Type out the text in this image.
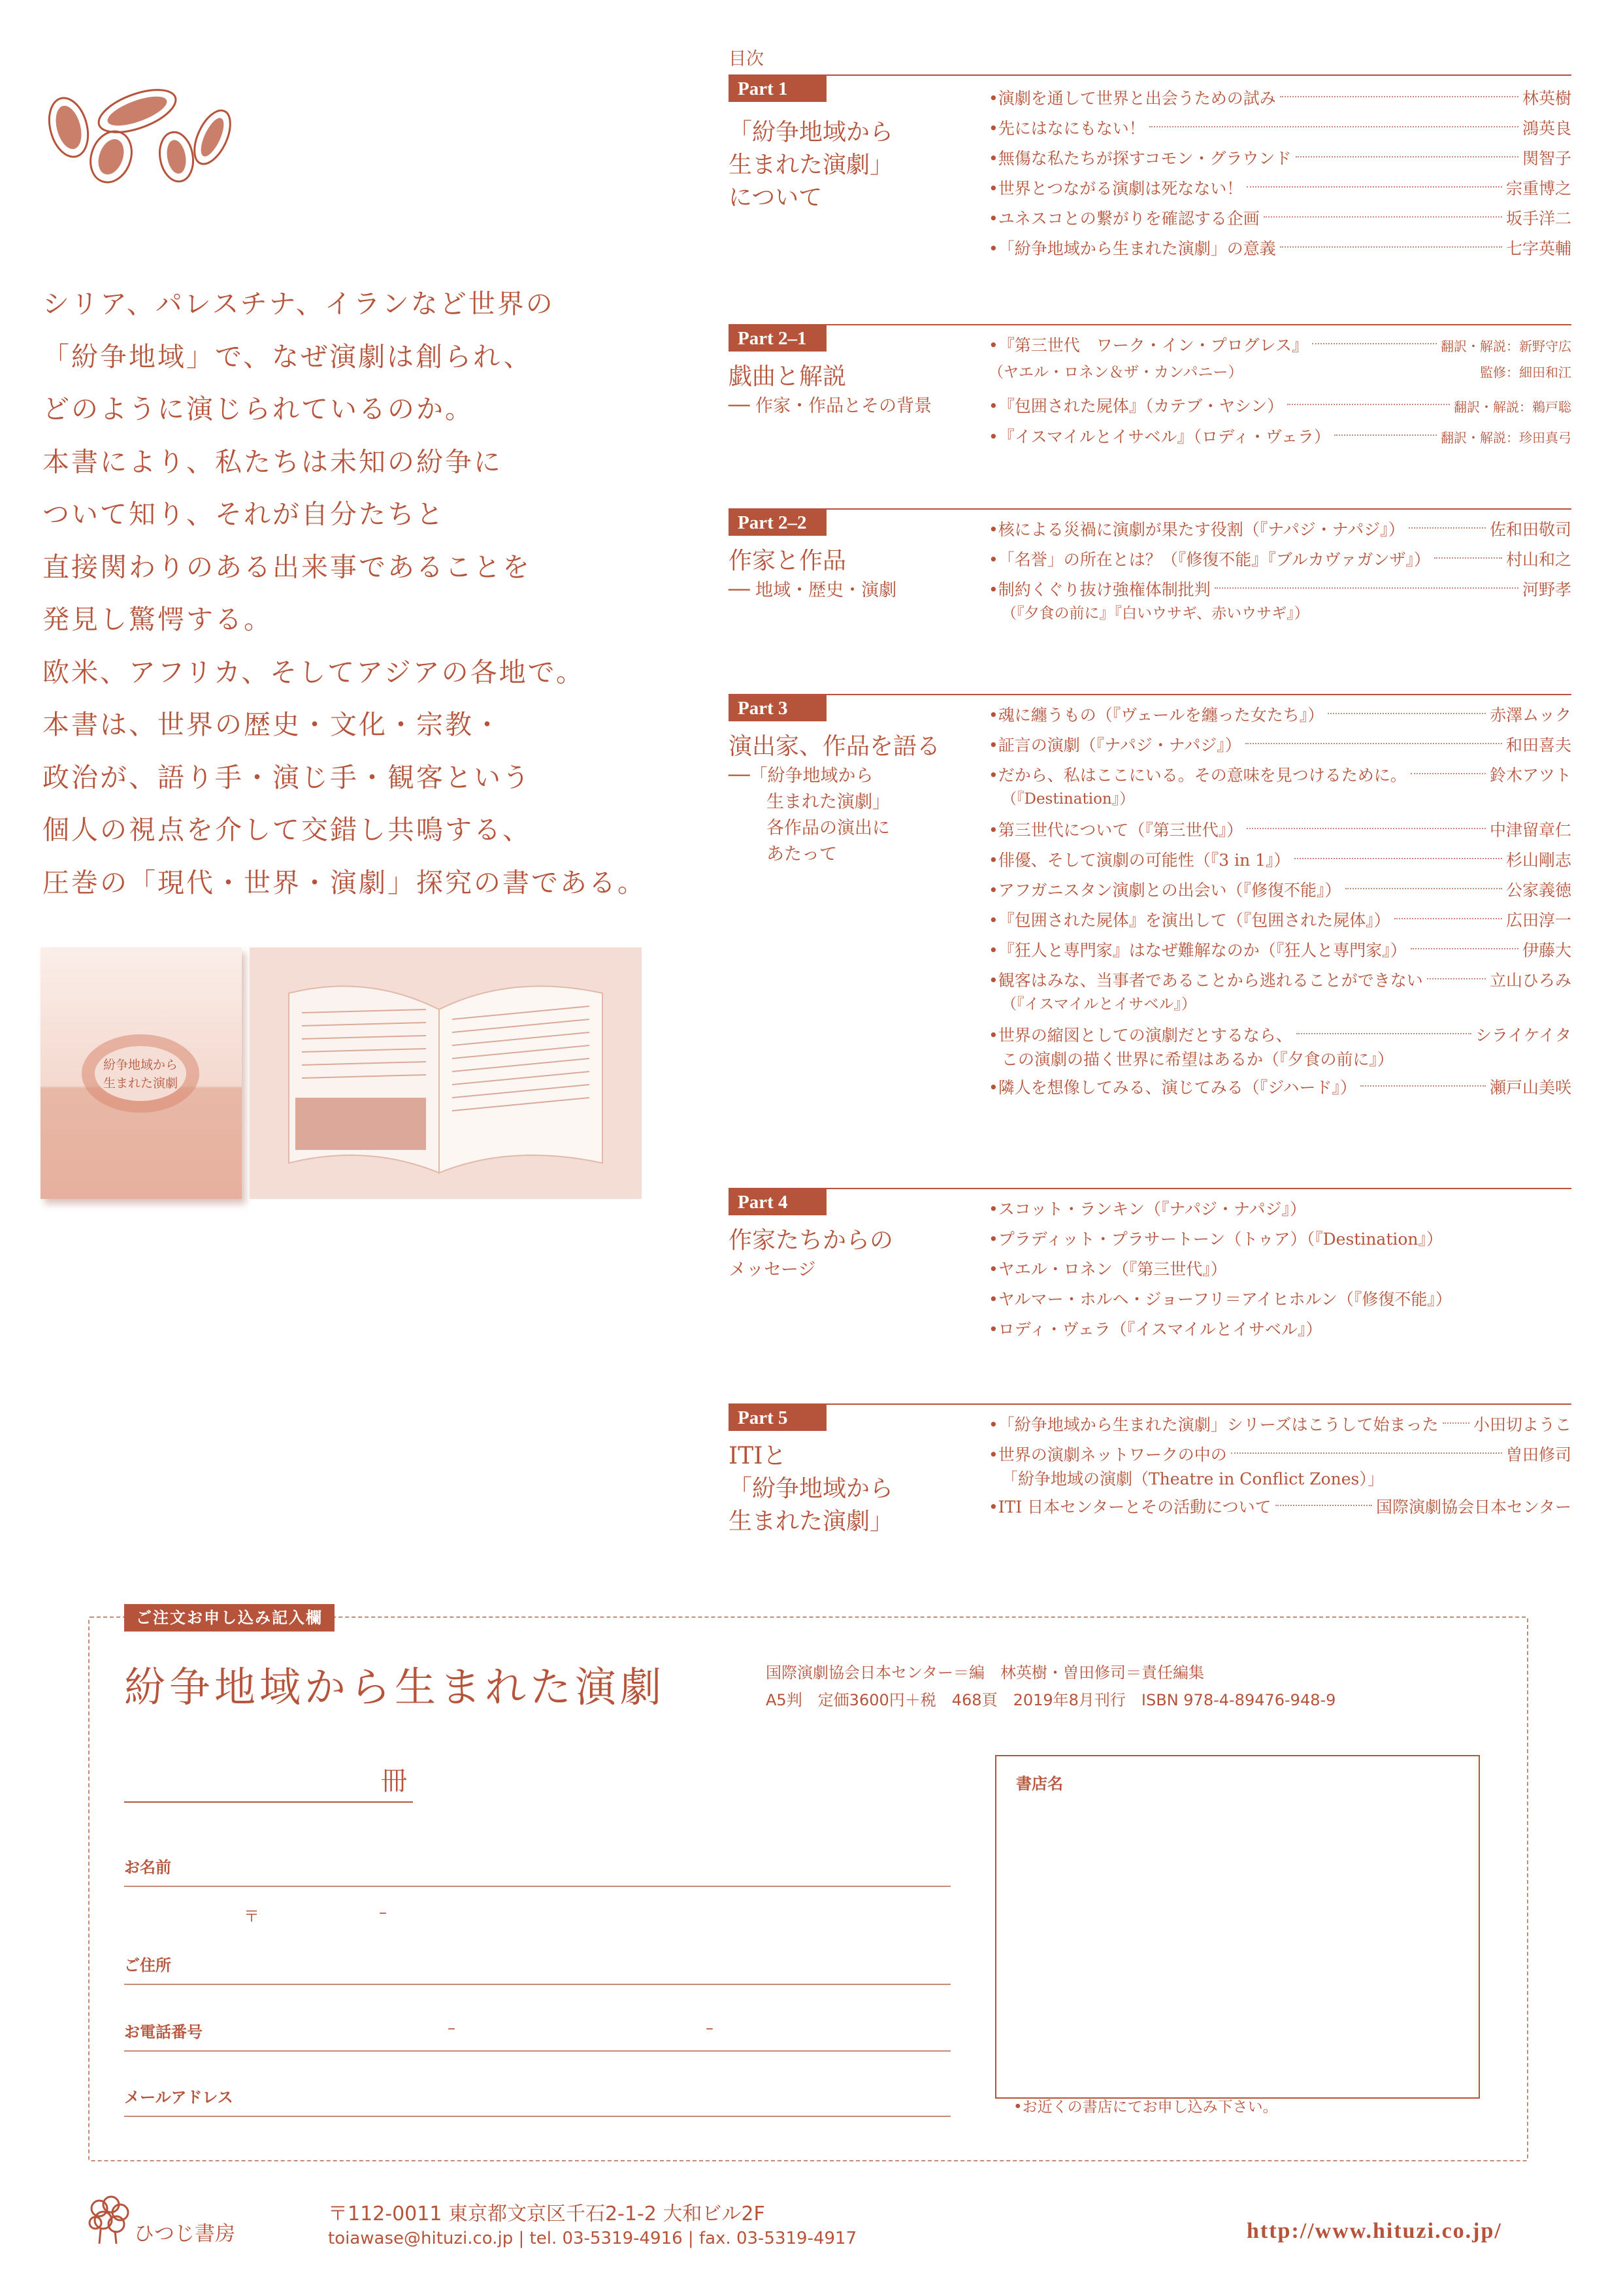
シリア、パレスチナ、イランなど世界の

「紛争地域」で、なぜ演劇は創られ、

どのように演じられているのか。

本書により、私たちは未知の紛争に

ついて知り、それが自分たちと

直接関わりのある出来事であることを

発見し驚愕する。

欧米、アフリカ、そしてアジアの各地で。

本書は、世界の歴史・文化・宗教・

政治が、語り手・演じ手・観客という

個人の視点を介して交錯し共鳴する、

圧巻の「現代・世界・演劇」探究の書である。

紛争地域から
生まれた演劇
目次
Part 1
「紛争地域から
生まれた演劇」
について
•演劇を通して世界と出会うための試み	林英樹
•先にはなにもない！	鴻英良
•無傷な私たちが探すコモン・グラウンド	関智子
•世界とつながる演劇は死なない！	宗重博之
•ユネスコとの繋がりを確認する企画	坂手洋二
•「紛争地域から生まれた演劇」の意義	七字英輔
Part 2–1
戯曲と解説
── 作家・作品とその背景
•『第三世代　ワーク・イン・プログレス』	翻訳・解説：新野守広
（ヤエル・ロネン＆ザ・カンパニー）	監修：細田和江
•『包囲された屍体』（カテブ・ヤシン）	翻訳・解説：鵜戸聡
•『イスマイルとイサベル』（ロディ・ヴェラ）	翻訳・解説：珍田真弓
Part 2–2
作家と作品
── 地域・歴史・演劇
•核による災禍に演劇が果たす役割（『ナパジ・ナパジ』）	佐和田敬司
•「名誉」の所在とは？（『修復不能』『ブルカヴァガンザ』）	村山和之
•制約くぐり抜け強権体制批判	河野孝
（『夕食の前に』『白いウサギ、赤いウサギ』）
Part 3
演出家、作品を語る
──「紛争地域から
生まれた演劇」
各作品の演出に
あたって
•魂に纏うもの（『ヴェールを纏った女たち』）	赤澤ムック
•証言の演劇（『ナパジ・ナパジ』）	和田喜夫
•だから、私はここにいる。その意味を見つけるために。	鈴木アツト
（『Destination』）
•第三世代について（『第三世代』）	中津留章仁
•俳優、そして演劇の可能性（『3 in 1』）	杉山剛志
•アフガニスタン演劇との出会い（『修復不能』）	公家義徳
•『包囲された屍体』を演出して（『包囲された屍体』）	広田淳一
•『狂人と専門家』はなぜ難解なのか（『狂人と専門家』）	伊藤大
•観客はみな、当事者であることから逃れることができない	立山ひろみ
（『イスマイルとイサベル』）
•世界の縮図としての演劇だとするなら、	シライケイタ
この演劇の描く世界に希望はあるか（『夕食の前に』）
•隣人を想像してみる、演じてみる（『ジハード』）	瀬戸山美咲
Part 4
作家たちからの
メッセージ
•スコット・ランキン（『ナパジ・ナパジ』）
•プラディット・プラサートーン（トゥア）（『Destination』）
•ヤエル・ロネン（『第三世代』）
•ヤルマー・ホルヘ・ジョーフリ＝アイヒホルン（『修復不能』）
•ロディ・ヴェラ（『イスマイルとイサベル』）
Part 5
ITIと
「紛争地域から
生まれた演劇」
•「紛争地域から生まれた演劇」シリーズはこうして始まった 小田切ようこ
•世界の演劇ネットワークの中の	曽田修司
「紛争地域の演劇（Theatre in Conflict Zones）」
•ITI 日本センターとその活動について	国際演劇協会日本センター
ご注文お申し込み記入欄
紛争地域から生まれた演劇	国際演劇協会日本センター＝編　林英樹・曽田修司＝責任編集
A5判　定価3600円＋税　468頁　2019年8月刊行　ISBN 978-4-89476-948-9
冊
お名前
〒	–
ご住所
お電話番号	–	–
メールアドレス
書店名
•お近くの書店にてお申し込み下さい。
ひつじ書房
〒112-0011 東京都文京区千石2-1-2 大和ビル2F
toiawase@hituzi.co.jp | tel. 03-5319-4916 | fax. 03-5319-4917	http://www.hituzi.co.jp/
